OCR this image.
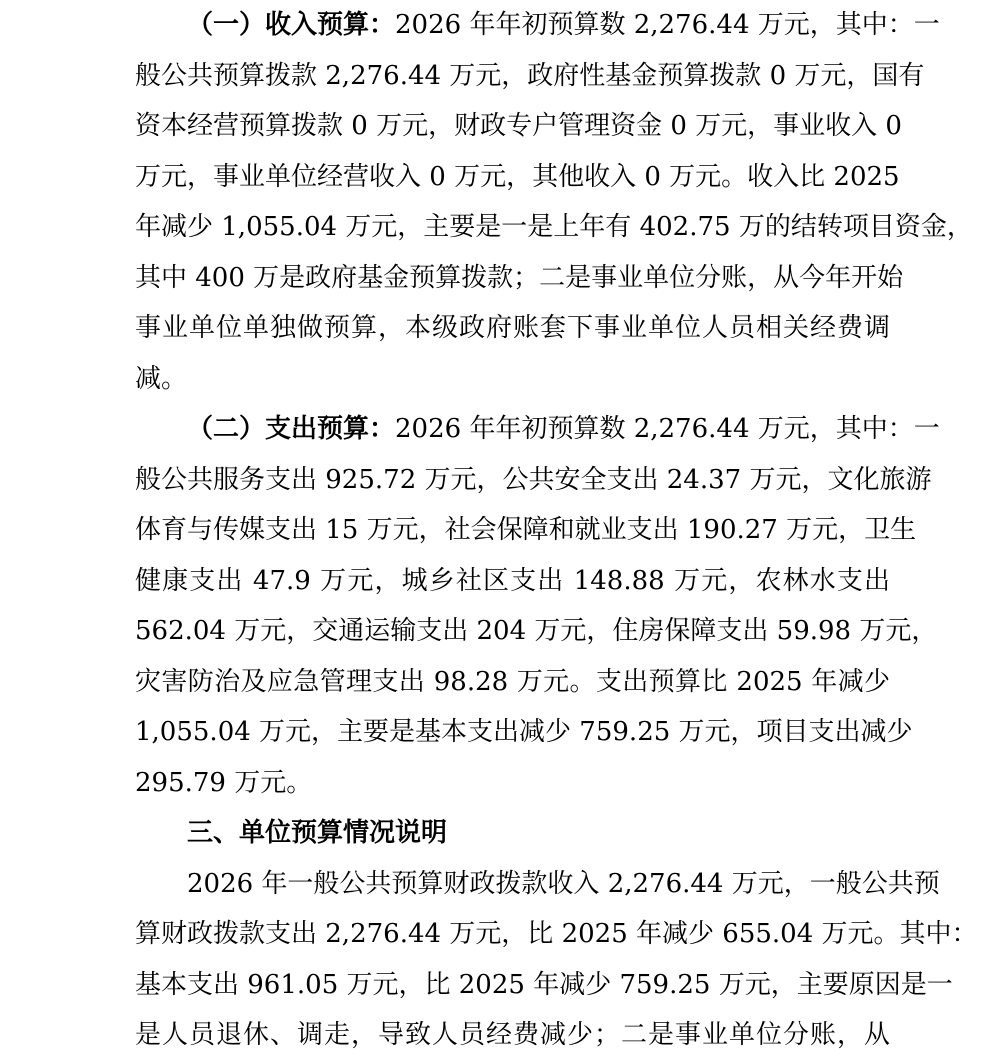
（一）收入预算：2026 年年初预算数 2,276.44 万元，其中：一
般公共预算拨款 2,276.44 万元，政府性基金预算拨款 0 万元，国有
资本经营预算拨款 0 万元，财政专户管理资金 0 万元，事业收入 0
万元，事业单位经营收入 0 万元，其他收入 0 万元。收入比 2025
年减少 1,055.04 万元，主要是一是上年有 402.75 万的结转项目资金，
其中 400 万是政府基金预算拨款；二是事业单位分账，从今年开始
事业单位单独做预算，本级政府账套下事业单位人员相关经费调
减。
（二）支出预算：2026 年年初预算数 2,276.44 万元，其中：一
般公共服务支出 925.72 万元，公共安全支出 24.37 万元，文化旅游
体育与传媒支出 15 万元，社会保障和就业支出 190.27 万元，卫生
健康支出 47.9 万元，城乡社区支出 148.88 万元，农林水支出
562.04 万元，交通运输支出 204 万元，住房保障支出 59.98 万元，
灾害防治及应急管理支出 98.28 万元。支出预算比 2025 年减少
1,055.04 万元，主要是基本支出减少 759.25 万元，项目支出减少
295.79 万元。
三、单位预算情况说明
2026 年一般公共预算财政拨款收入 2,276.44 万元，一般公共预
算财政拨款支出 2,276.44 万元，比 2025 年减少 655.04 万元。其中：
基本支出 961.05 万元，比 2025 年减少 759.25 万元，主要原因是一
是人员退休、调走，导致人员经费减少；二是事业单位分账，从
